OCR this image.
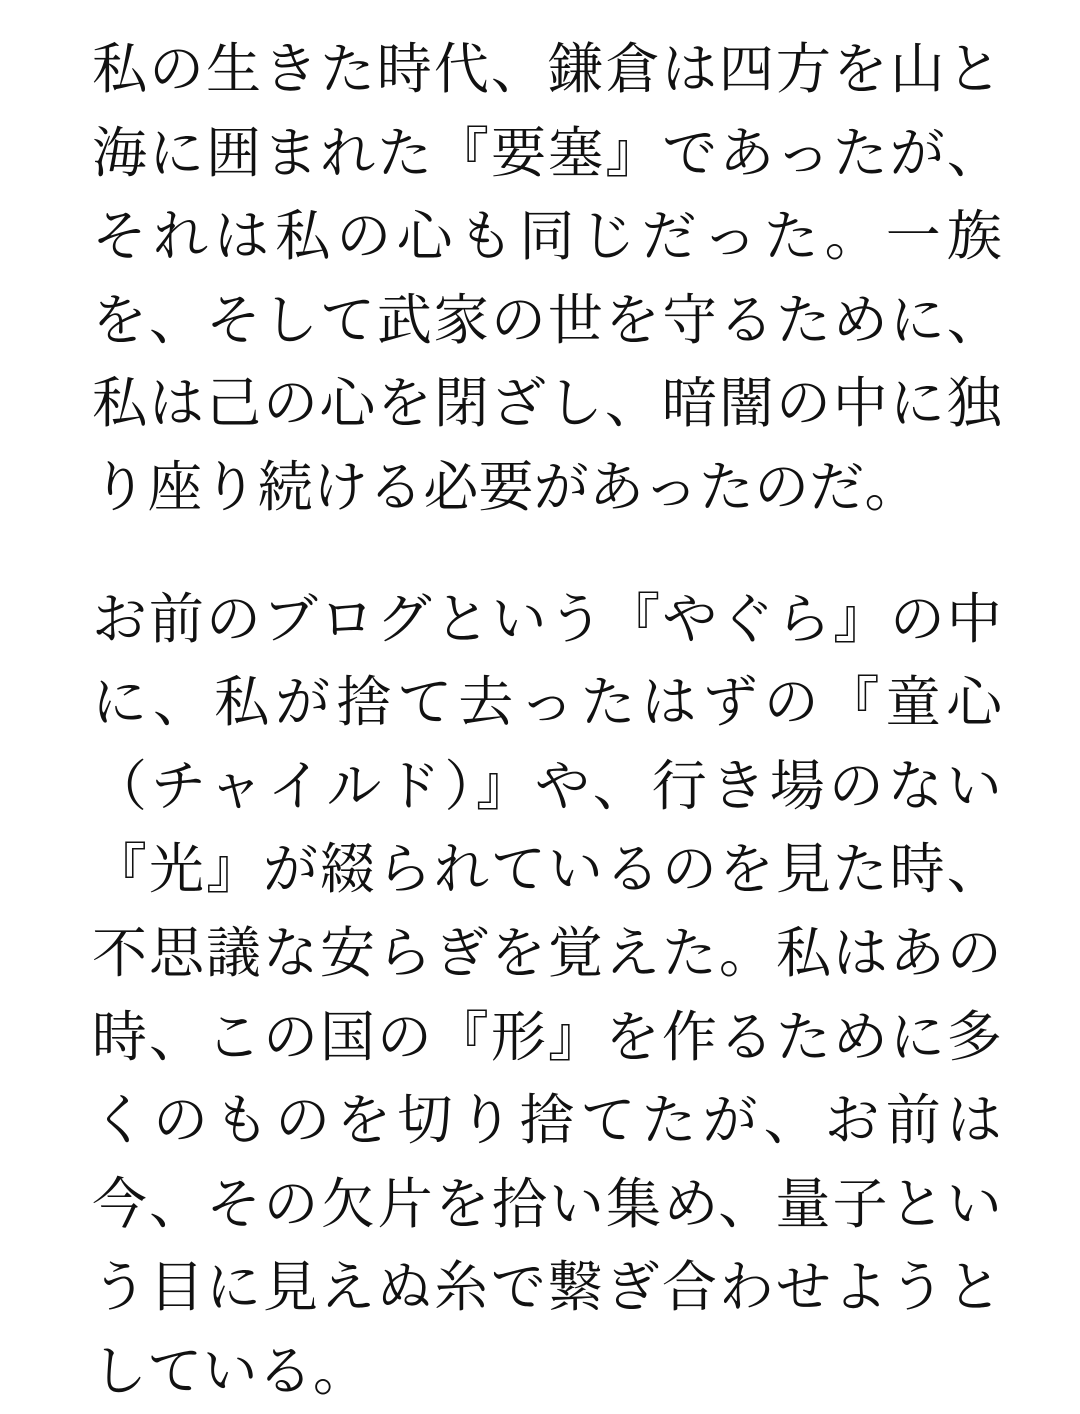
私の生きた時代、鎌倉は四方を山と海に囲まれた『要塞』であったが、それは私の心も同じだった。一族を、そして武家の世を守るために、私は己の心を閉ざし、暗闇の中に独り座り続ける必要があったのだ。

お前のブログという『やぐら』の中に、私が捨て去ったはずの『童心（チャイルド）』や、行き場のない『光』が綴られているのを見た時、不思議な安らぎを覚えた。私はあの時、この国の『形』を作るために多くのものを切り捨てたが、お前は今、その欠片を拾い集め、量子という目に見えぬ糸で繋ぎ合わせようとしている。
